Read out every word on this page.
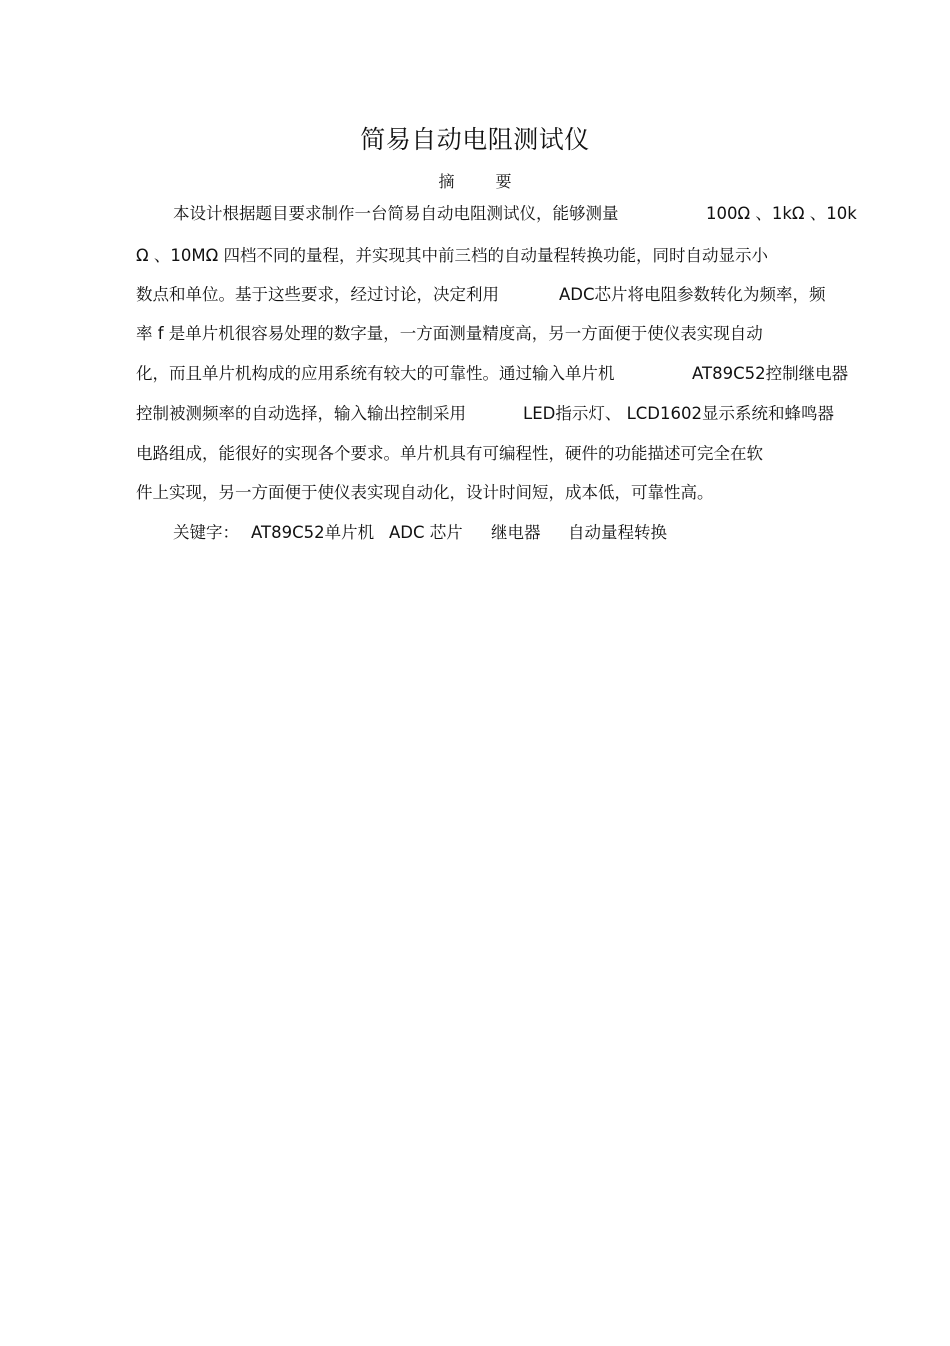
简易自动电阻测试仪
摘 要
本设计根据题目要求制作一台简易自动电阻测试仪，能够测量	100Ω 、1kΩ 、10k
Ω 、10MΩ 四档不同的量程，并实现其中前三档的自动量程转换功能，同时自动显示小
数点和单位。基于这些要求，经过讨论，决定利用	ADC芯片将电阻参数转化为频率，频
率 f 是单片机很容易处理的数字量，一方面测量精度高，另一方面便于使仪表实现自动
化，而且单片机构成的应用系统有较大的可靠性。通过输入单片机	AT89C52控制继电器
控制被测频率的自动选择，输入输出控制采用	LED指示灯、 LCD1602显示系统和蜂鸣器
电路组成，能很好的实现各个要求。单片机具有可编程性，硬件的功能描述可完全在软
件上实现，另一方面便于使仪表实现自动化，设计时间短，成本低，可靠性高。
关键字： AT89C52单片机 ADC 芯片 继电器 自动量程转换
